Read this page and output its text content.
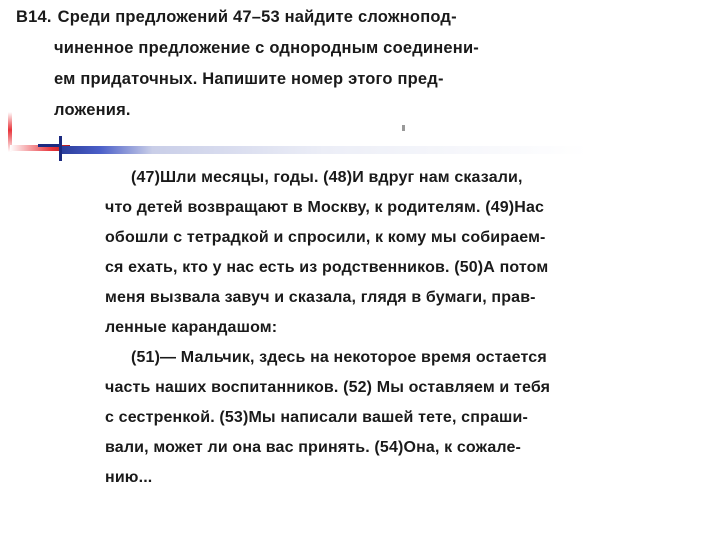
В14. Среди предложений 47–53 найдите сложнопод-
чиненное предложение с однородным соединени-
ем придаточных. Напишите номер этого пред-
ложения.
(47)Шли месяцы, годы. (48)И вдруг нам сказали,
что детей возвращают в Москву, к родителям. (49)Нас
обошли с тетрадкой и спросили, к кому мы собираем-
ся ехать, кто у нас есть из родственников. (50)А потом
меня вызвала завуч и сказала, глядя в бумаги, прав-
ленные карандашом:
(51)— Мальчик, здесь на некоторое время остается
часть наших воспитанников. (52) Мы оставляем и тебя
с сестренкой. (53)Мы написали вашей тете, спраши-
вали, может ли она вас принять. (54)Она, к сожале-
нию...
